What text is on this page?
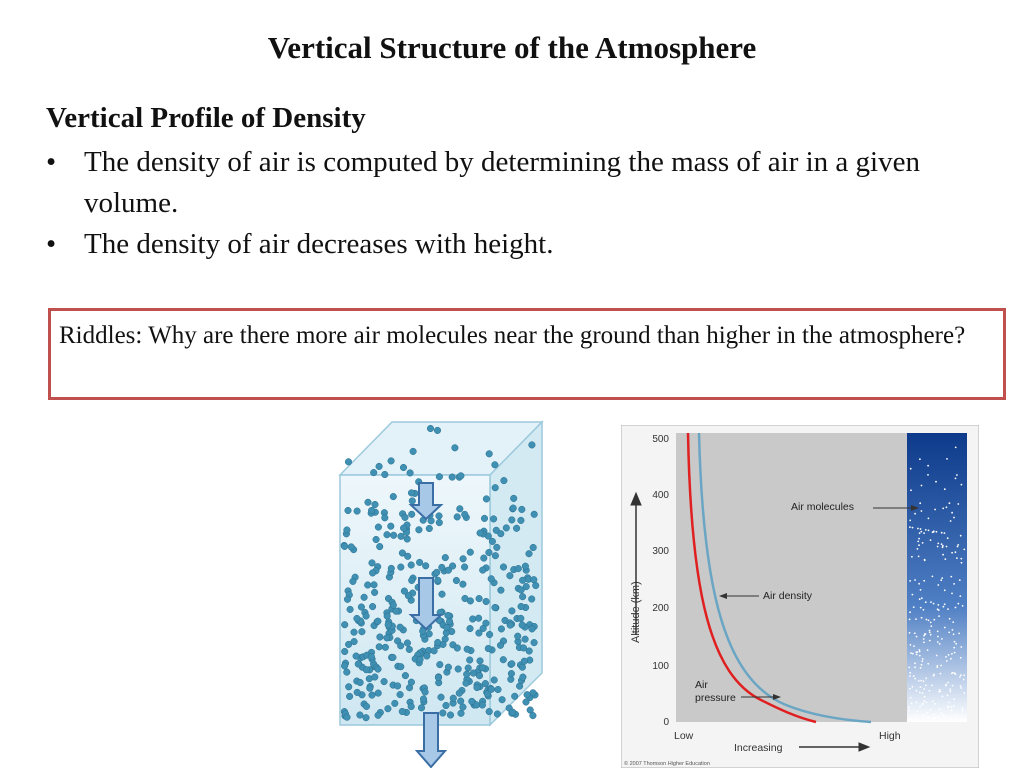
Vertical Structure of the Atmosphere
Vertical Profile of Density
• The density of air is computed by determining the mass of air in a given volume.
• The density of air decreases with height.
Riddles: Why are there more air molecules near the ground than higher in the atmosphere?
500
400
300
200
100
0
Altitude (km)
Air molecules
Air density
Air
pressure
Low	High
Increasing
© 2007 Thomson Higher Education
